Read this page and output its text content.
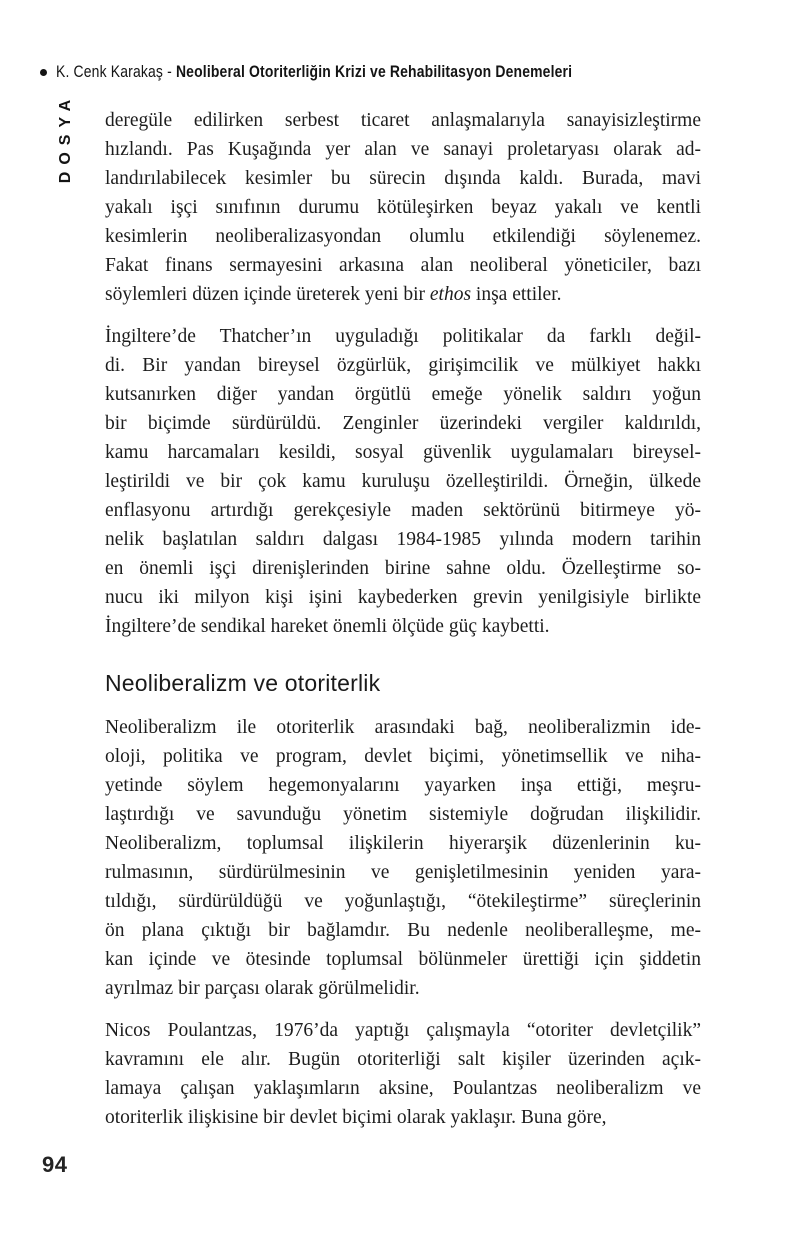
K. Cenk Karakaş - Neoliberal Otoriterliğin Krizi ve Rehabilitasyon Denemeleri
DOSYA deregüle edilirken serbest ticaret anlaşmalarıyla sanayisizleştirme
hızlandı. Pas Kuşağında yer alan ve sanayi proletaryası olarak ad-
landırılabilecek kesimler bu sürecin dışında kaldı. Burada, mavi
yakalı işçi sınıfının durumu kötüleşirken beyaz yakalı ve kentli
kesimlerin neoliberalizasyondan olumlu etkilendiği söylenemez.
Fakat finans sermayesini arkasına alan neoliberal yöneticiler, bazı
söylemleri düzen içinde üreterek yeni bir ethos inşa ettiler.
İngiltere’de Thatcher’ın uyguladığı politikalar da farklı değil-
di. Bir yandan bireysel özgürlük, girişimcilik ve mülkiyet hakkı
kutsanırken diğer yandan örgütlü emeğe yönelik saldırı yoğun
bir biçimde sürdürüldü. Zenginler üzerindeki vergiler kaldırıldı,
kamu harcamaları kesildi, sosyal güvenlik uygulamaları bireysel-
leştirildi ve bir çok kamu kuruluşu özelleştirildi. Örneğin, ülkede
enflasyonu artırdığı gerekçesiyle maden sektörünü bitirmeye yö-
nelik başlatılan saldırı dalgası 1984-1985 yılında modern tarihin
en önemli işçi direnişlerinden birine sahne oldu. Özelleştirme so-
nucu iki milyon kişi işini kaybederken grevin yenilgisiyle birlikte
İngiltere’de sendikal hareket önemli ölçüde güç kaybetti.
Neoliberalizm ve otoriterlik
Neoliberalizm ile otoriterlik arasındaki bağ, neoliberalizmin ide-
oloji, politika ve program, devlet biçimi, yönetimsellik ve niha-
yetinde söylem hegemonyalarını yayarken inşa ettiği, meşru-
laştırdığı ve savunduğu yönetim sistemiyle doğrudan ilişkilidir.
Neoliberalizm, toplumsal ilişkilerin hiyerarşik düzenlerinin ku-
rulmasının, sürdürülmesinin ve genişletilmesinin yeniden yara-
tıldığı, sürdürüldüğü ve yoğunlaştığı, “ötekileştirme” süreçlerinin
ön plana çıktığı bir bağlamdır. Bu nedenle neoliberalleşme, me-
kan içinde ve ötesinde toplumsal bölünmeler ürettiği için şiddetin
ayrılmaz bir parçası olarak görülmelidir.
Nicos Poulantzas, 1976’da yaptığı çalışmayla “otoriter devletçilik”
kavramını ele alır. Bugün otoriterliği salt kişiler üzerinden açık-
lamaya çalışan yaklaşımların aksine, Poulantzas neoliberalizm ve
otoriterlik ilişkisine bir devlet biçimi olarak yaklaşır. Buna göre,
94
